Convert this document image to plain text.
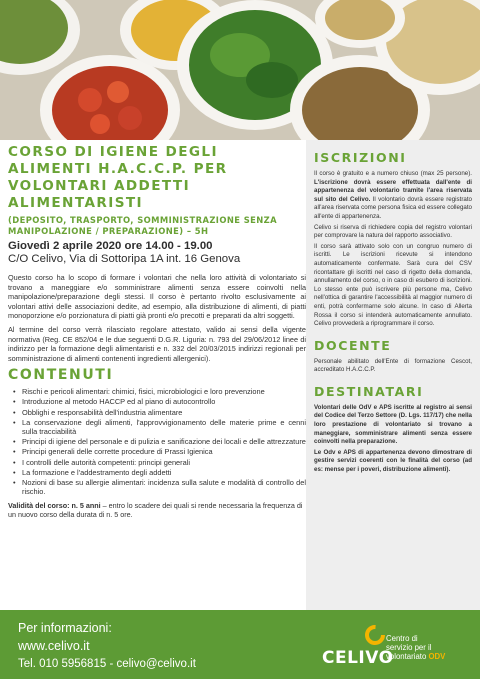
CORSO DI IGIENE DEGLI ALIMENTI H.A.C.C.P. PER VOLONTARI ADDETTI ALIMENTARISTI
(DEPOSITO, TRASPORTO, SOMMINISTRAZIONE SENZA MANIPOLAZIONE / PREPARAZIONE) – 5H
Giovedì 2 aprile 2020 ore 14.00 - 19.00
C/O Celivo, Via di Sottoripa 1A int. 16 Genova

Questo corso ha lo scopo di formare i volontari che nella loro attività di volontariato si trovano a maneggiare e/o somministrare alimenti senza essere coinvolti nella manipolazione/preparazione degli stessi. Il corso è pertanto rivolto esclusivamente ai volontari attivi delle associazioni dedite, ad esempio, alla distribuzione di alimenti, di piatti monoporzione e/o porzionatura di piatti già pronti e/o precotti e preparati da altri soggetti.

Al termine del corso verrà rilasciato regolare attestato, valido ai sensi della vigente normativa (Reg. CE 852/04 e le due seguenti D.G.R. Liguria: n. 793 del 29/06/2012 linee di indirizzo per la formazione degli alimentaristi e n. 332 del 20/03/2015 indirizzi regionali per somministrazione di alimenti contenenti ingredienti allergenici).

CONTENUTI
• Rischi e pericoli alimentari: chimici, fisici, microbiologici e loro prevenzione
• Introduzione al metodo HACCP ed al piano di autocontrollo
• Obblighi e responsabilità dell'industria alimentare
• La conservazione degli alimenti, l'approvvigionamento delle materie prime e cenni sulla tracciabilità
• Principi di igiene del personale e di pulizia e sanificazione dei locali e delle attrezzature
• Principi generali delle corrette procedure di Prassi Igienica
• I controlli delle autorità competenti: principi generali
• La formazione e l'addestramento degli addetti
• Nozioni di base su allergie alimentari: incidenza sulla salute e modalità di controllo del rischio.

Validità del corso: n. 5 anni – entro lo scadere dei quali si rende necessaria la frequenza di un nuovo corso della durata di n. 5 ore.

ISCRIZIONI

Il corso è gratuito e a numero chiuso (max 25 persone). L'iscrizione dovrà essere effettuata dall'ente di appartenenza del volontario tramite l'area riservata sul sito del Celivo. Il volontario dovrà essere registrato all'area riservata come persona fisica ed essere collegato all'ente di appartenenza.

Celivo si riserva di richiedere copia del registro volontari per comprovare la natura del rapporto associativo.

Il corso sarà attivato solo con un congruo numero di iscritti. Le iscrizioni ricevute si intendono automaticamente confermate. Sarà cura del CSV ricontattare gli iscritti nel caso di rigetto della domanda, annullamento del corso, o in caso di esubero di iscrizioni. Lo stesso ente può iscrivere più persone ma, Celivo nell'ottica di garantire l'accessibilità al maggior numero di enti, potrà confermarne solo alcune. In caso di Allerta Rossa il corso si intenderà automaticamente annullato. Celivo provvederà a riprogrammare il corso.

DOCENTE

Personale abilitato dell'Ente di formazione Cescot, accreditato H.A.C.C.P.

DESTINATARI

Volontari delle OdV e APS iscritte al registro ai sensi del Codice del Terzo Settore (D. Lgs. 117/17) che nella loro prestazione di volontariato si trovano a maneggiare, somministrare alimenti senza essere coinvolti nella preparazione.

Le Odv e APS di appartenenza devono dimostrare di gestire servizi coerenti con le finalità del corso (ad es: mense per i poveri, distribuzione alimenti).

Per informazioni:
www.celivo.it
Tel. 010 5956815 - celivo@celivo.it	CELIVO
Centro di
servizio per il
volontariato ODV
